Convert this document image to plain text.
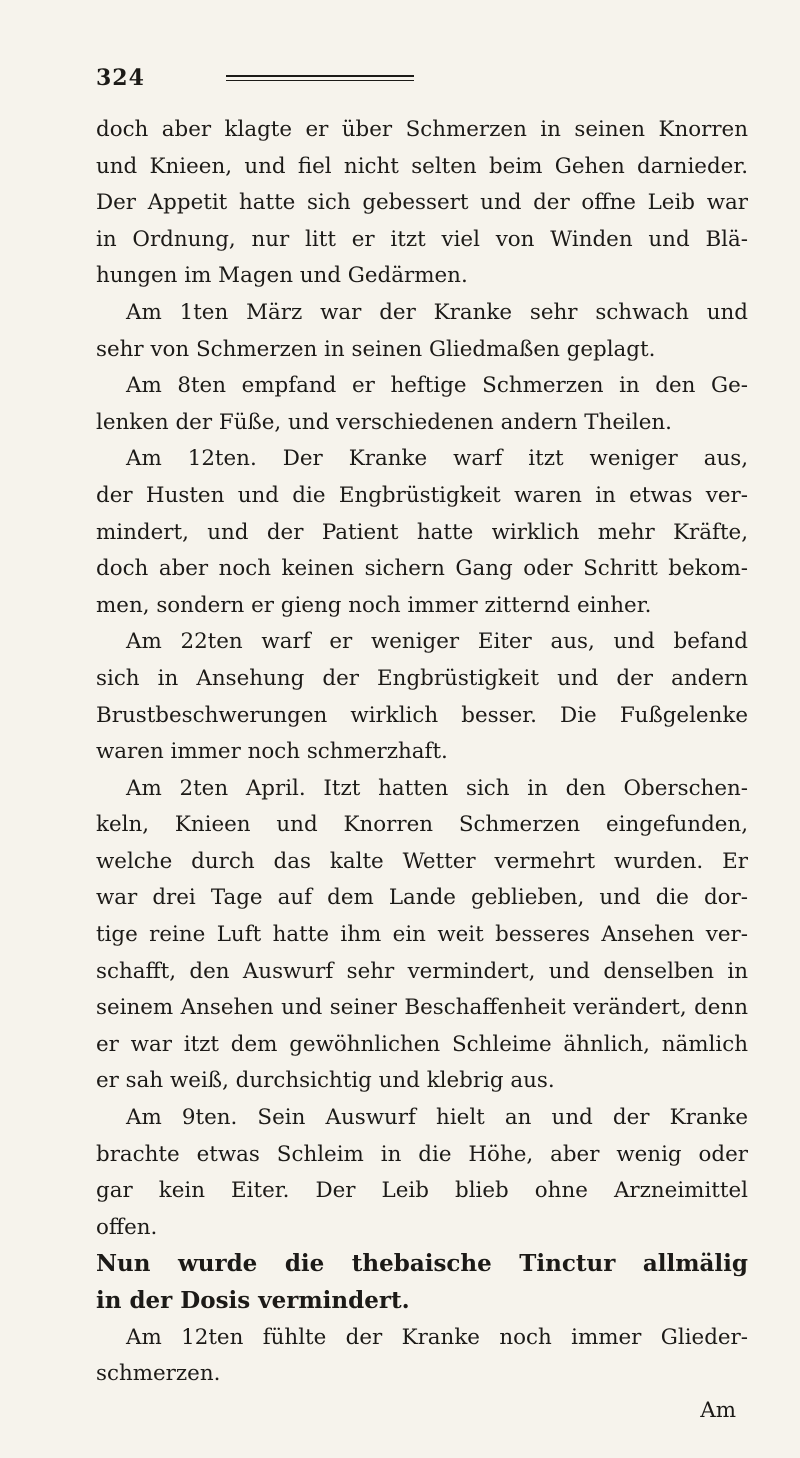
324
doch aber klagte er über Schmerzen in seinen Knorren
und Knieen, und fiel nicht selten beim Gehen darnieder.
Der Appetit hatte sich gebessert und der offne Leib war
in Ordnung, nur litt er itzt viel von Winden und Blä-
hungen im Magen und Gedärmen.
Am 1ten März war der Kranke sehr schwach und
sehr von Schmerzen in seinen Gliedmaßen geplagt.
Am 8ten empfand er heftige Schmerzen in den Ge-
lenken der Füße, und verschiedenen andern Theilen.
Am 12ten. Der Kranke warf itzt weniger aus,
der Husten und die Engbrüstigkeit waren in etwas ver-
mindert, und der Patient hatte wirklich mehr Kräfte,
doch aber noch keinen sichern Gang oder Schritt bekom-
men, sondern er gieng noch immer zitternd einher.
Am 22ten warf er weniger Eiter aus, und befand
sich in Ansehung der Engbrüstigkeit und der andern
Brustbeschwerungen wirklich besser. Die Fußgelenke
waren immer noch schmerzhaft.
Am 2ten April. Itzt hatten sich in den Oberschen-
keln, Knieen und Knorren Schmerzen eingefunden,
welche durch das kalte Wetter vermehrt wurden. Er
war drei Tage auf dem Lande geblieben, und die dor-
tige reine Luft hatte ihm ein weit besseres Ansehen ver-
schafft, den Auswurf sehr vermindert, und denselben in
seinem Ansehen und seiner Beschaffenheit verändert, denn
er war itzt dem gewöhnlichen Schleime ähnlich, nämlich
er sah weiß, durchsichtig und klebrig aus.
Am 9ten. Sein Auswurf hielt an und der Kranke
brachte etwas Schleim in die Höhe, aber wenig oder
gar kein Eiter. Der Leib blieb ohne Arzneimittel
offen.
Nun wurde die thebaische Tinctur allmälig
in der Dosis vermindert.
Am 12ten fühlte der Kranke noch immer Glieder-
schmerzen.
Am
